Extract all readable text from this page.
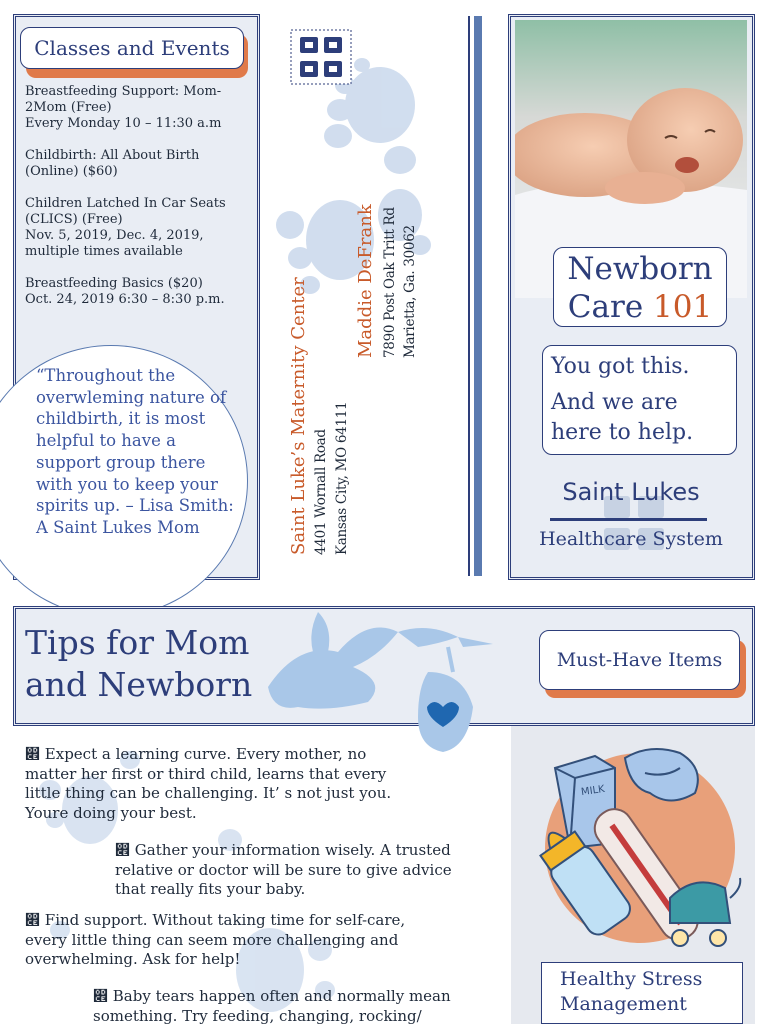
Classes and Events

Breastfeeding Support: Mom-2Mom (Free)
Every Monday 10 – 11:30 a.m

Childbirth: All About Birth (Online) ($60)

Children Latched In Car Seats (CLICS) (Free)
Nov. 5, 2019, Dec. 4, 2019, multiple times available

Breastfeeding Basics ($20)
Oct. 24, 2019 6:30 – 8:30 p.m.

“Throughout the overwleming nature of childbirth, it is most helpful to have a support group there with you to keep your spirits up. – Lisa Smith: A Saint Lukes Mom	Saint Luke’s Maternity Center 4401 Wornall Road Kansas City, MO 64111
Maddie DeFrank 7890 Post Oak Tritt Rd Marietta, Ga. 30062	Newborn
Care 101
You got this.
And we are
here to help.
Saint Lukes
Healthcare System
Tips for Mom
and Newborn
Must-Have Items
෎ Expect a learning curve. Every mother, no matter her first or third child, learns that every little thing can be challenging. It’ s not just you. Youre doing your best.
෎ Gather your information wisely. A trusted relative or doctor will be sure to give advice that really fits your baby.
෎ Find support. Without taking time for self-care, every little thing can seem more challenging and overwhelming. Ask for help!
෎ Baby tears happen often and normally mean something. Try feeding, changing, rocking/
MILK
Healthy Stress
Management
